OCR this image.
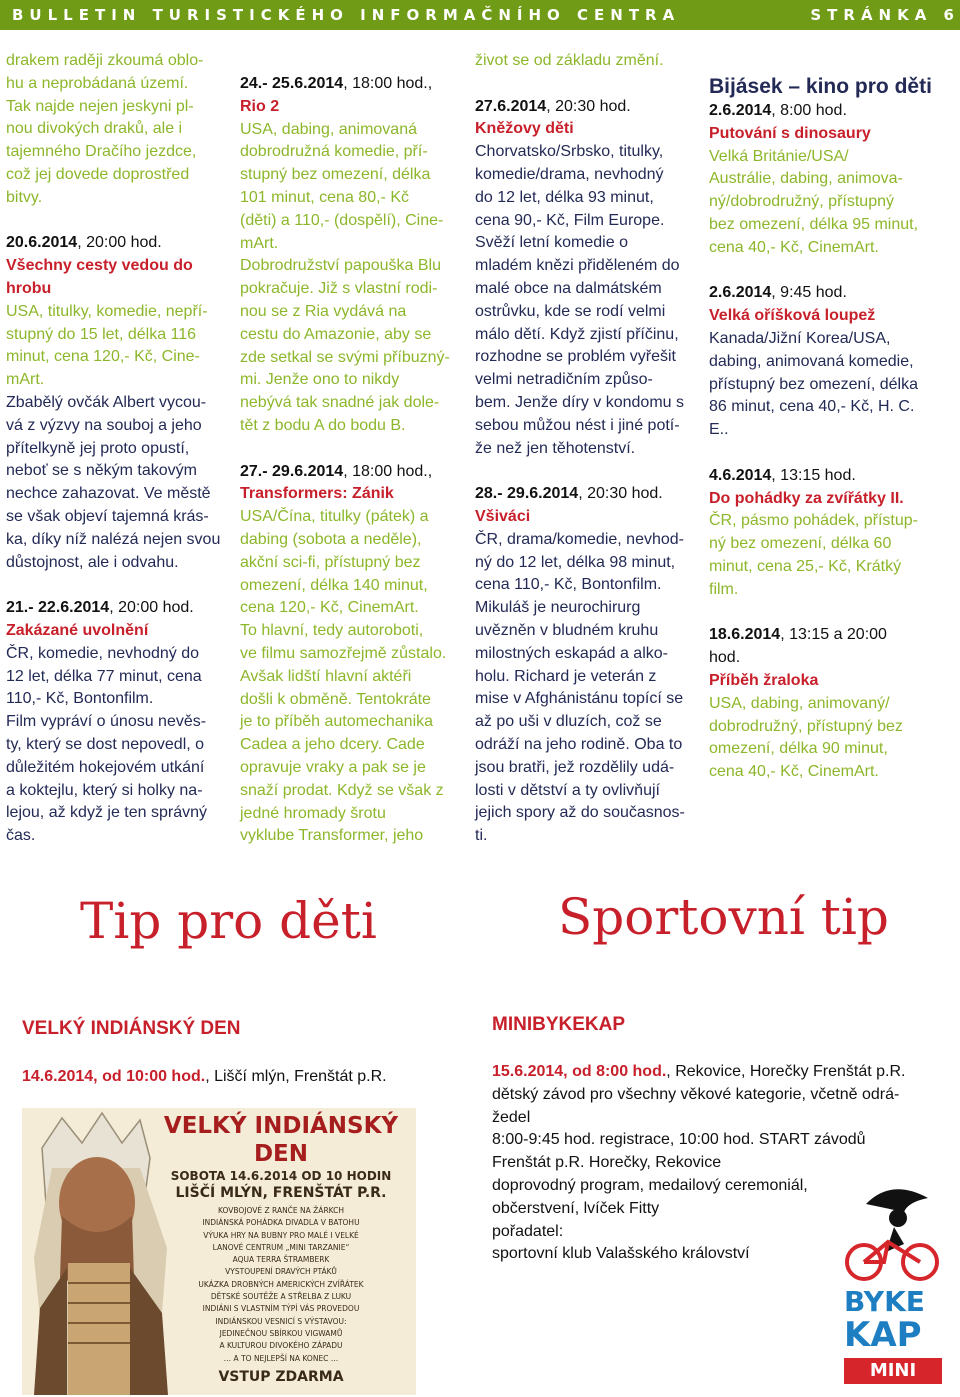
BULLETIN TURISTICKÉHO INFORMAČNÍHO CENTRA	STRÁNKA 6
drakem raději zkoumá oblo-
hu a neprobádaná území.
Tak najde nejen jeskyni pl-
nou divokých draků, ale i
tajemného Dračího jezdce,
což jej dovede doprostřed
bitvy.

20.6.2014, 20:00 hod.

Všechny cesty vedou do
hrobu
USA, titulky, komedie, nepří-
stupný do 15 let, délka 116
minut, cena 120,- Kč, Cine-
mArt.
Zbabělý ovčák Albert vycou-
vá z výzvy na souboj a jeho
přítelkyně jej proto opustí,
neboť se s někým takovým
nechce zahazovat. Ve městě
se však objeví tajemná krás-
ka, díky níž nalézá nejen svou
důstojnost, ale i odvahu.

21.- 22.6.2014, 20:00 hod.

Zakázané uvolnění

ČR, komedie, nevhodný do
12 let, délka 77 minut, cena
110,- Kč, Bontonfilm.
Film vypráví o únosu nevěs-
ty, který se dost nepovedl, o
důležitém hokejovém utkání
a koktejlu, který si holky na-
lejou, až když je ten správný
čas.

24.- 25.6.2014, 18:00 hod.,

Rio 2

USA, dabing, animovaná
dobrodružná komedie, pří-
stupný bez omezení, délka
101 minut, cena 80,- Kč
(děti) a 110,- (dospělí), Cine-
mArt.
Dobrodružství papouška Blu
pokračuje. Již s vlastní rodi-
nou se z Ria vydává na
cestu do Amazonie, aby se
zde setkal se svými příbuzný-
mi. Jenže ono to nikdy
nebývá tak snadné jak dole-
tět z bodu A do bodu B.

27.- 29.6.2014, 18:00 hod.,

Transformers: Zánik

USA/Čína, titulky (pátek) a
dabing (sobota a neděle),
akční sci-fi, přístupný bez
omezení, délka 140 minut,
cena 120,- Kč, CinemArt.
To hlavní, tedy autoroboti,
ve filmu samozřejmě zůstalo.
Avšak lidští hlavní aktéři
došli k obměně. Tentokráte
je to příběh automechanika
Cadea a jeho dcery. Cade
opravuje vraky a pak se je
snaží prodat. Když se však z
jedné hromady šrotu
vyklube Transformer, jeho

život se od základu změní.

27.6.2014, 20:30 hod.

Kněžovy děti

Chorvatsko/Srbsko, titulky,
komedie/drama, nevhodný
do 12 let, délka 93 minut,
cena 90,- Kč, Film Europe.
Svěží letní komedie o
mladém knězi přiděleném do
malé obce na dalmátském
ostrůvku, kde se rodí velmi
málo dětí. Když zjistí příčinu,
rozhodne se problém vyřešit
velmi netradičním způso-
bem. Jenže díry v kondomu s
sebou můžou nést i jiné potí-
že než jen těhotenství.

28.- 29.6.2014, 20:30 hod.

Všiváci

ČR, drama/komedie, nevhod-
ný do 12 let, délka 98 minut,
cena 110,- Kč, Bontonfilm.
Mikuláš je neurochirurg
uvězněn v bludném kruhu
milostných eskapád a alko-
holu. Richard je veterán z
mise v Afghánistánu topící se
až po uši v dluzích, což se
odráží na jeho rodině. Oba to
jsou bratři, jež rozdělily udá-
losti v dětství a ty ovlivňují
jejich spory až do současnos-
ti.

Bijásek – kino pro děti

2.6.2014, 8:00 hod.

Putování s dinosaury

Velká Británie/USA/
Austrálie, dabing, animova-
ný/dobrodružný, přístupný
bez omezení, délka 95 minut,
cena 40,- Kč, CinemArt.

2.6.2014, 9:45 hod.

Velká oříšková loupež

Kanada/Jižní Korea/USA,
dabing, animovaná komedie,
přístupný bez omezení, délka
86 minut, cena 40,- Kč, H. C.
E..

4.6.2014, 13:15 hod.

Do pohádky za zvířátky II.

ČR, pásmo pohádek, přístup-
ný bez omezení, délka 60
minut, cena 25,- Kč, Krátký
film.

18.6.2014, 13:15 a 20:00

hod.

Příběh žraloka

USA, dabing, animovaný/
dobrodružný, přístupný bez
omezení, délka 90 minut,
cena 40,- Kč, CinemArt.
Tip pro děti	Sportovní tip
VELKÝ INDIÁNSKÝ DEN
14.6.2014, od 10:00 hod., Liščí mlýn, Frenštát p.R.
VELKÝ INDIÁNSKÝ DEN
SOBOTA 14.6.2014 OD 10 HODIN
LIŠČÍ MLÝN, FRENŠTÁT P.R.
KOVBOJOVÉ Z RANČE NA ŽÁRKCH
INDIÁNSKÁ POHÁDKA DIVADLA V BATOHU
VÝUKA HRY NA BUBNY PRO MALÉ I VELKÉ
LANOVÉ CENTRUM „MINI TARZANIE“
AQUA TERRA ŠTRAMBERK
VYSTOUPENÍ DRAVÝCH PTÁKŮ
UKÁZKA DROBNÝCH AMERICKÝCH ZVÍŘÁTEK
DĚTSKÉ SOUTĚŽE A STŘELBA Z LUKU
INDIÁNI S VLASTNÍM TÝPÍ VÁS PROVEDOU
INDIÁNSKOU VESNICÍ S VÝSTAVOU:
JEDINEČNOU SBÍRKOU VIGWAMŮ
A KULTUROU DIVOKÉHO ZÁPADU
… A TO NEJLEPŠÍ NA KONEC …
VSTUP ZDARMA
MINIBYKEKAP

15.6.2014, od 8:00 hod., Rekovice, Horečky Frenštát p.R.

dětský závod pro všechny věkové kategorie, včetně odrá-
žedel
8:00-9:45 hod. registrace, 10:00 hod. START závodů
Frenštát p.R. Horečky, Rekovice
doprovodný program, medailový ceremoniál,
občerstvení, lvíček Fitty
pořadatel:
sportovní klub Valašského království
BYKE
KAP
MINI
